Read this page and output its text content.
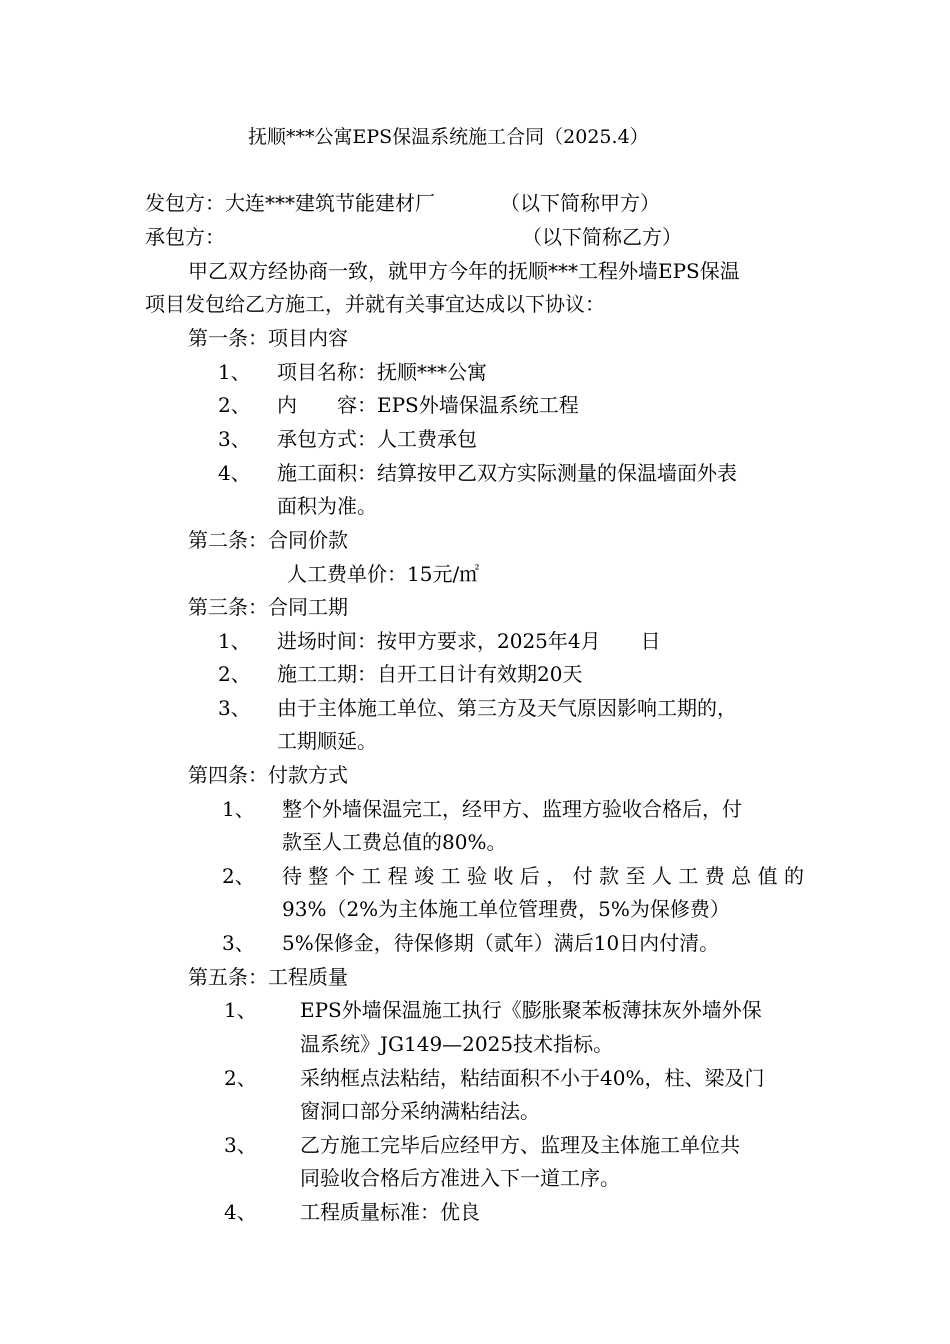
抚顺***公寓EPS保温系统施工合同（2025.4）
发包方：大连***建筑节能建材厂	（以下简称甲方）
承包方：	（以下简称乙方）
甲乙双方经协商一致，就甲方今年的抚顺***工程外墙EPS保温
项目发包给乙方施工，并就有关事宜达成以下协议：
第一条：项目内容
1、 项目名称：抚顺***公寓
2、 内　　容：EPS外墙保温系统工程
3、 承包方式：人工费承包
4、 施工面积：结算按甲乙双方实际测量的保温墙面外表
面积为准。
第二条：合同价款
人工费单价：15元/㎡
第三条：合同工期
1、 进场时间：按甲方要求，2025年4月　　日
2、 施工工期：自开工日计有效期20天
3、 由于主体施工单位、第三方及天气原因影响工期的，
工期顺延。
第四条：付款方式
1、 整个外墙保温完工，经甲方、监理方验收合格后，付
款至人工费总值的80%。
2、 待整个工程竣工验收后，付款至人工费总值的
93%（2%为主体施工单位管理费，5%为保修费）
3、 5%保修金，待保修期（贰年）满后10日内付清。
第五条：工程质量
1、 EPS外墙保温施工执行《膨胀聚苯板薄抹灰外墙外保
温系统》JG149—2025技术指标。
2、 采纳框点法粘结，粘结面积不小于40%，柱、梁及门
窗洞口部分采纳满粘结法。
3、 乙方施工完毕后应经甲方、监理及主体施工单位共
同验收合格后方准进入下一道工序。
4、 工程质量标准：优良
